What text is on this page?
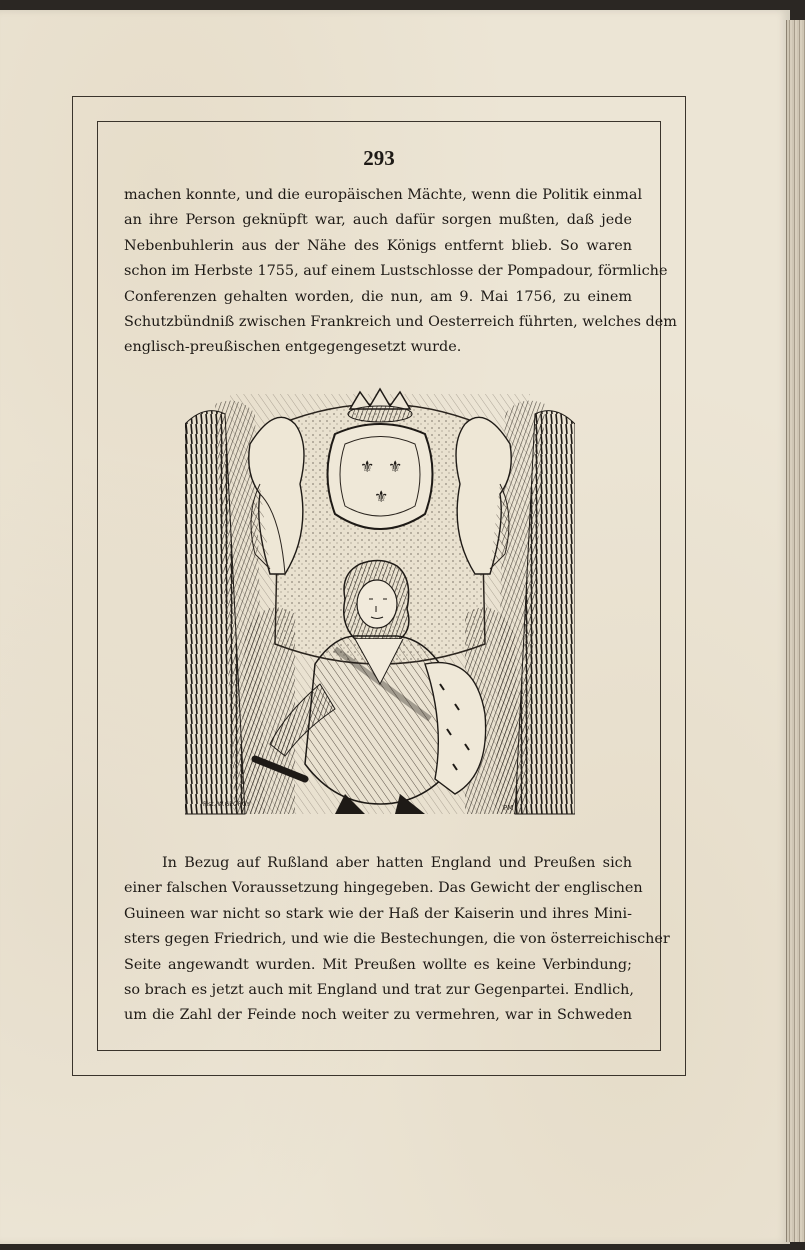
293

machen konnte, und die europäischen Mächte, wenn die Politik einmal
an ihre Person geknüpft war, auch dafür sorgen mußten, daß jede
Nebenbuhlerin aus der Nähe des Königs entfernt blieb. So waren
schon im Herbste 1755, auf einem Lustschlosse der Pompadour, förmliche
Conferenzen gehalten worden, die nun, am 9. Mai 1756, zu einem
Schutzbündniß zwischen Frankreich und Oesterreich führten, welches dem
englisch-preußischen entgegengesetzt wurde.

⚜ ⚜
⚜
Pist. W.GEORGY	PM

In Bezug auf Rußland aber hatten England und Preußen sich
einer falschen Voraussetzung hingegeben. Das Gewicht der englischen
Guineen war nicht so stark wie der Haß der Kaiserin und ihres Mini-
sters gegen Friedrich, und wie die Bestechungen, die von österreichischer
Seite angewandt wurden. Mit Preußen wollte es keine Verbindung;
so brach es jetzt auch mit England und trat zur Gegenpartei. Endlich,
um die Zahl der Feinde noch weiter zu vermehren, war in Schweden
